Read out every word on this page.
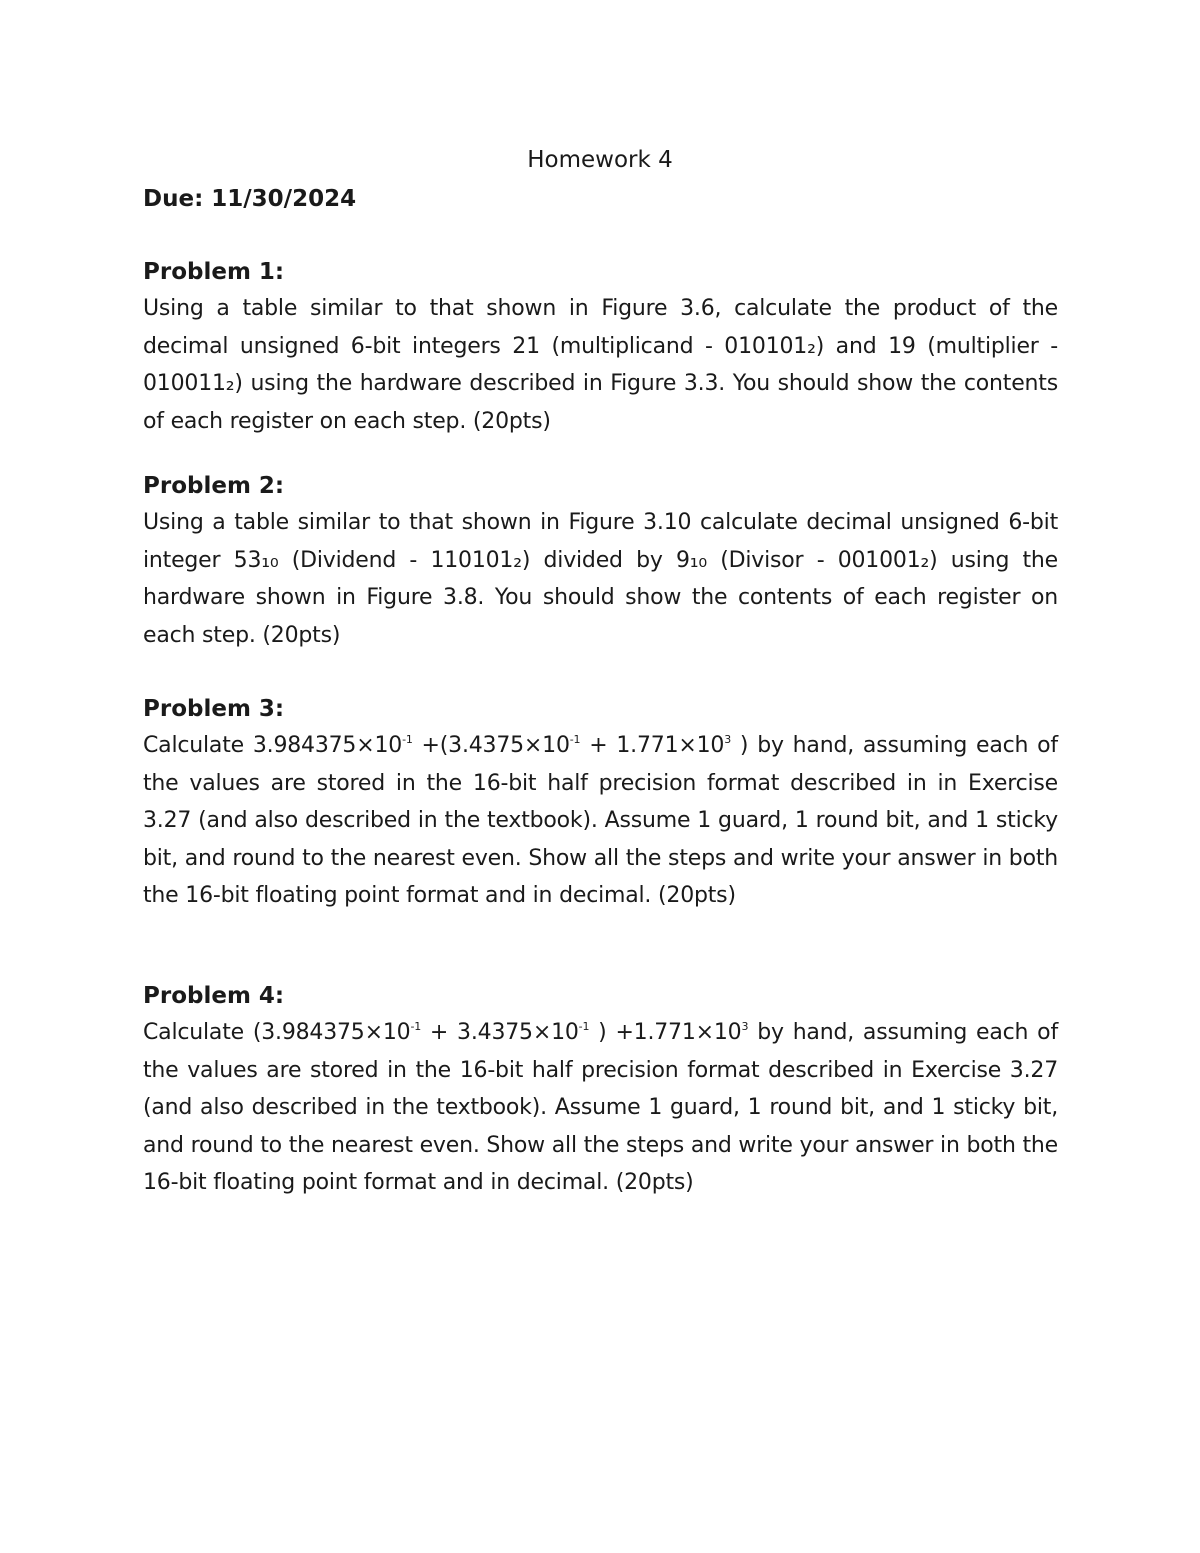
Homework 4
Due: 11/30/2024
Problem 1:
Using a table similar to that shown in Figure 3.6, calculate the product of the decimal unsigned 6-bit integers 21 (multiplicand - 010101₂) and 19 (multiplier - 010011₂) using the hardware described in Figure 3.3. You should show the contents of each register on each step. (20pts)
Problem 2:
Using a table similar to that shown in Figure 3.10 calculate decimal unsigned 6-bit integer 53₁₀ (Dividend - 110101₂) divided by 9₁₀ (Divisor - 001001₂) using the hardware shown in Figure 3.8. You should show the contents of each register on each step. (20pts)
Problem 3:
Calculate $3.984375\times 10^{-1} +(3.4375\times 10^{-1} + 1.771\times 10^3$ ) by hand, assuming each of the values are stored in the 16-bit half precision format described in in Exercise 3.27 (and also described in the textbook). Assume 1 guard, 1 round bit, and 1 sticky bit, and round to the nearest even. Show all the steps and write your answer in both the 16-bit floating point format and in decimal. (20pts)
Problem 4:
Calculate ($3.984375\times 10^{-1} + 3.4375\times 10^{-1}$ ) $+1.771\times 10^3$ by hand, assuming each of the values are stored in the 16-bit half precision format described in Exercise 3.27 (and also described in the textbook). Assume 1 guard, 1 round bit, and 1 sticky bit, and round to the nearest even. Show all the steps and write your answer in both the 16-bit floating point format and in decimal. (20pts)
